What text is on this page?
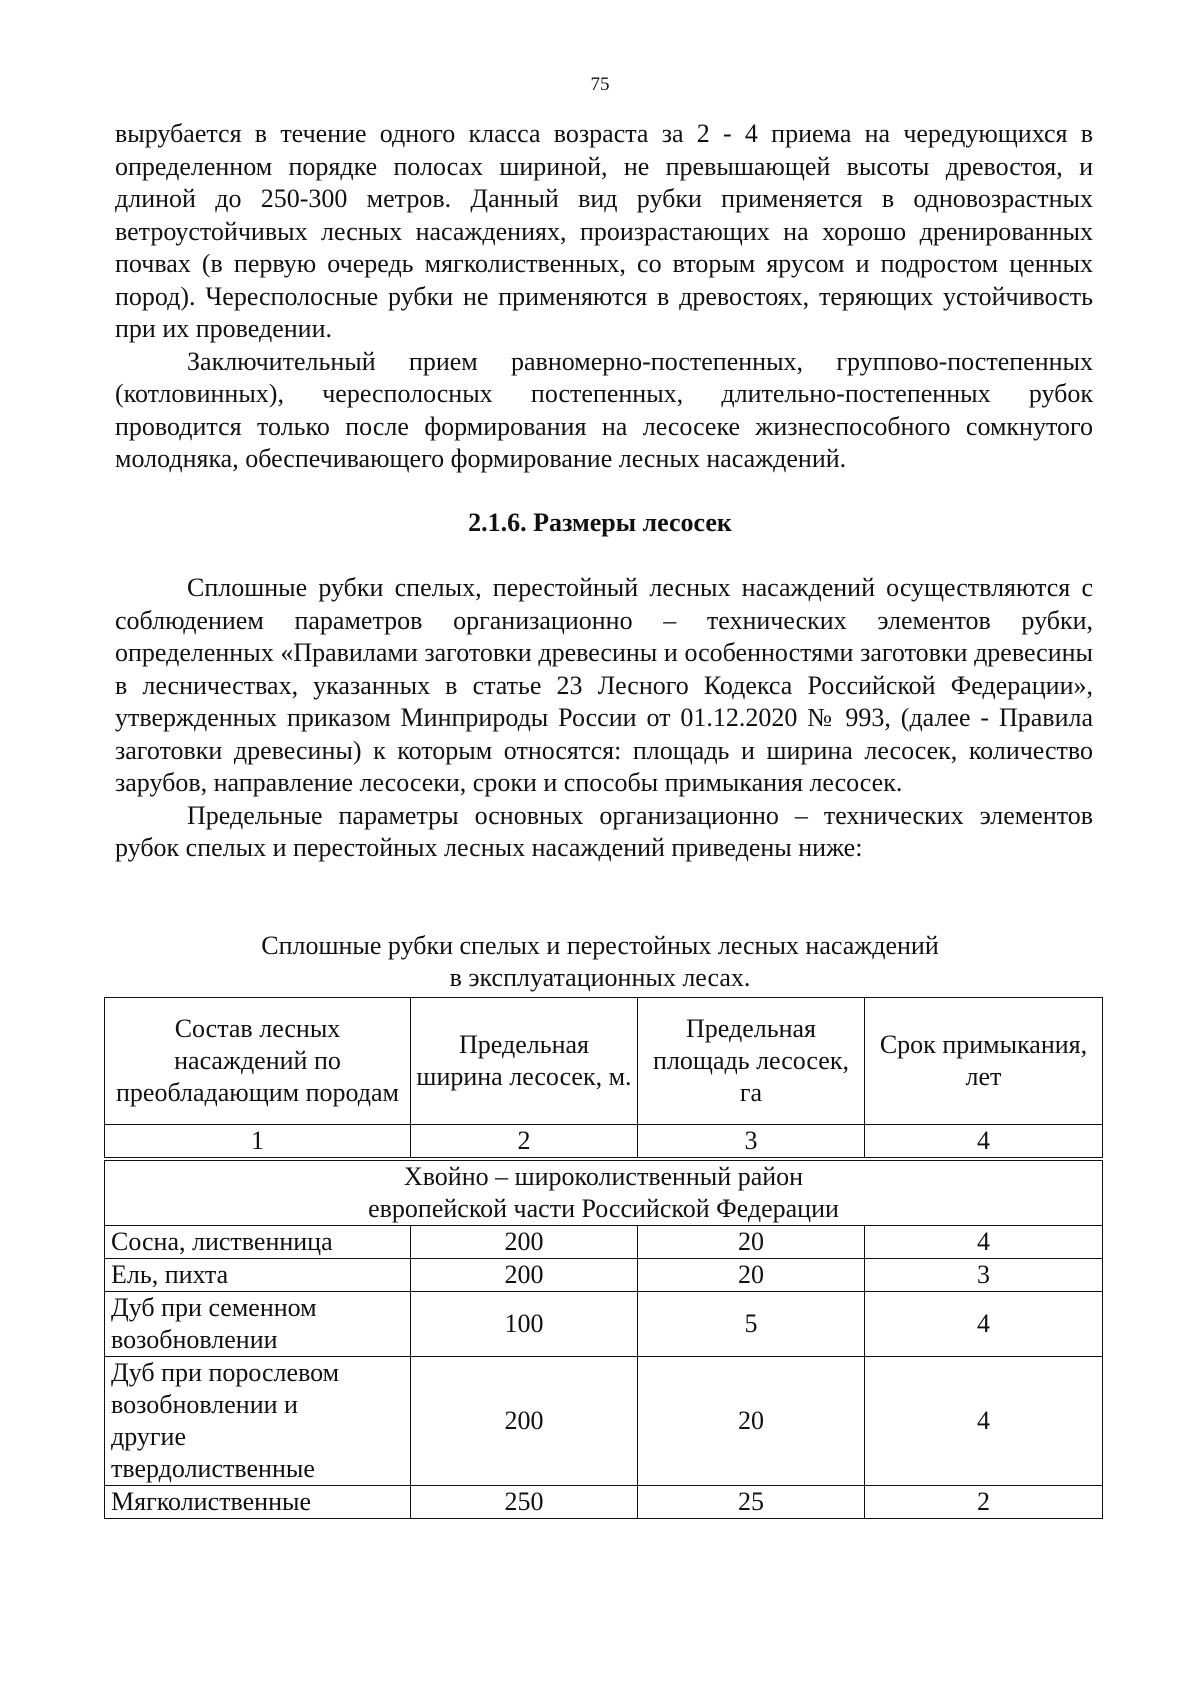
75

вырубается в течение одного класса возраста за 2 - 4 приема на чередующихся в определенном порядке полосах шириной, не превышающей высоты древостоя, и длиной до 250-300 метров. Данный вид рубки применяется в одновозрастных ветроустойчивых лесных насаждениях, произрастающих на хорошо дренированных почвах (в первую очередь мягколиственных, со вторым ярусом и подростом ценных пород). Чересполосные рубки не применяются в древостоях, теряющих устойчивость при их проведении.

Заключительный прием равномерно-постепенных, группово-постепенных (котловинных), чересполосных постепенных, длительно-постепенных рубок проводится только после формирования на лесосеке жизнеспособного сомкнутого молодняка, обеспечивающего формирование лесных насаждений.

2.1.6. Размеры лесосек

Сплошные рубки спелых, перестойный лесных насаждений осуществляются с соблюдением параметров организационно – технических элементов рубки, определенных «Правилами заготовки древесины и особенностями заготовки древесины в лесничествах, указанных в статье 23 Лесного Кодекса Российской Федерации», утвержденных приказом Минприроды России от 01.12.2020 № 993, (далее - Правила заготовки древесины) к которым относятся: площадь и ширина лесосек, количество зарубов, направление лесосеки, сроки и способы примыкания лесосек.

Предельные параметры основных организационно – технических элементов рубок спелых и перестойных лесных насаждений приведены ниже:

Сплошные рубки спелых и перестойных лесных насаждений
в эксплуатационных лесах.
Состав лесных насаждений по преобладающим породам	Предельная ширина лесосек, м.	Предельная площадь лесосек, га	Срок примыкания, лет
1	2	3	4

Хвойно – широколиственный район
европейской части Российской Федерации			

Сосна, лиственница	200	20	4
Ель, пихта	200	20	3
Дуб при семенном возобновлении	100	5	4
Дуб при порослевом возобновлении и другие твердолиственные	200	20	4
Мягколиственные	250	25	2
